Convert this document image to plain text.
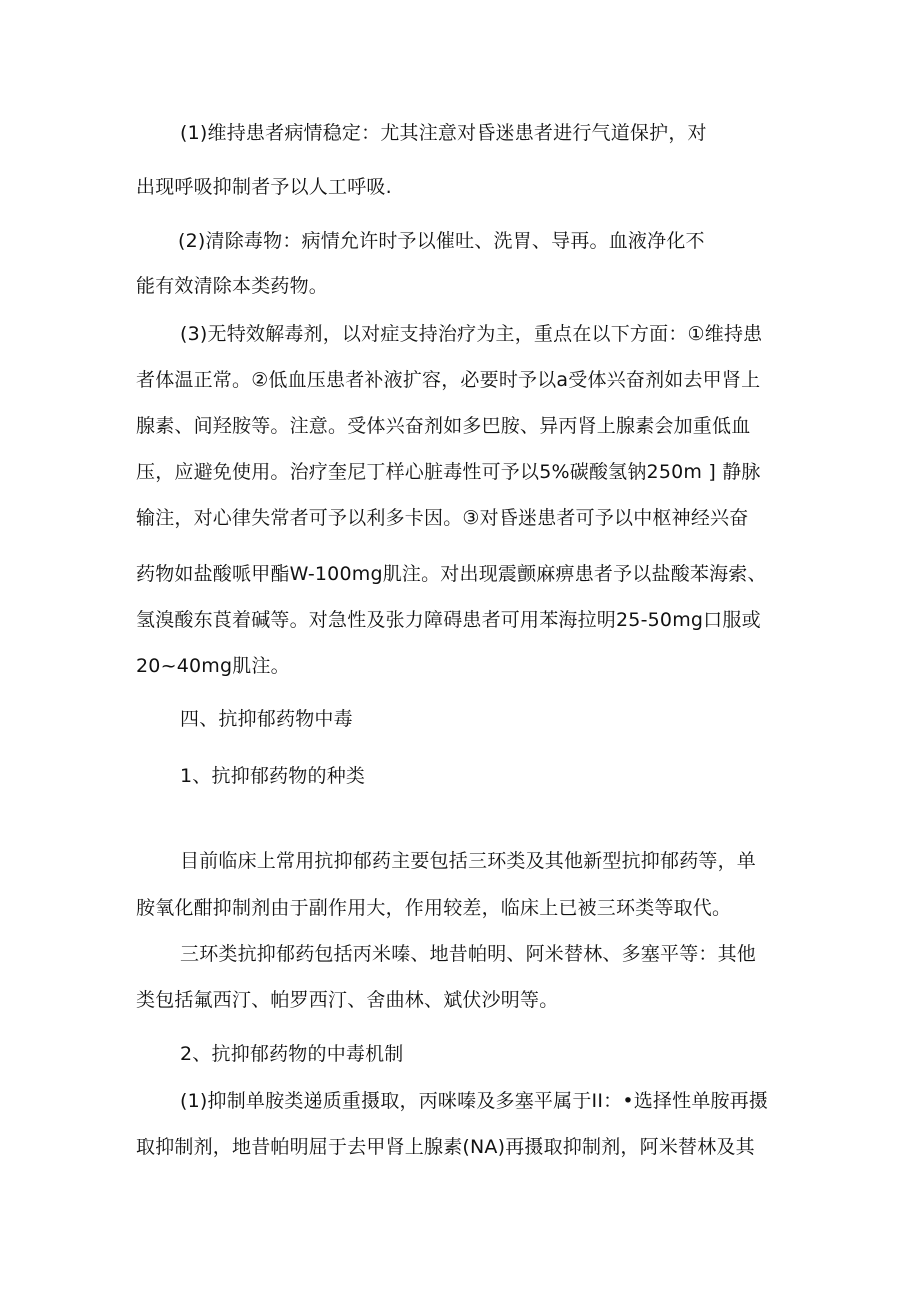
(1)维持患者病情稳定：尤其注意对昏迷患者进行气道保护，对
出现呼吸抑制者予以人工呼吸.
(2)清除毒物：病情允许时予以催吐、洗胃、导再。血液净化不
能有效清除本类药物。
(3)无特效解毒剂，以对症支持治疗为主，重点在以下方面：①维持患
者体温正常。②低血压患者补液扩容，必要时予以a受体兴奋剂如去甲肾上
腺素、间羟胺等。注意。受体兴奋剂如多巴胺、异丙肾上腺素会加重低血
压，应避免使用。治疗奎尼丁样心脏毒性可予以5%碳酸氢钠250m ] 静脉
输注，对心律失常者可予以利多卡因。③对昏迷患者可予以中枢神经兴奋
药物如盐酸哌甲酯W-100mg肌注。对出现震颤麻痹患者予以盐酸苯海索、
氢溴酸东莨着碱等。对急性及张力障碍患者可用苯海拉明25-50mg口服或
20~40mg肌注。
四、抗抑郁药物中毒
1、抗抑郁药物的种类
目前临床上常用抗抑郁药主要包括三环类及其他新型抗抑郁药等，单
胺氧化酣抑制剂由于副作用大，作用较差，临床上已被三环类等取代。
三环类抗抑郁药包括丙米嗪、地昔帕明、阿米替林、多塞平等：其他
类包括氟西汀、帕罗西汀、舍曲林、斌伏沙明等。
2、抗抑郁药物的中毒机制
(1)抑制单胺类递质重摄取，丙咪嗪及多塞平属于II：•选择性单胺再摄
取抑制剂，地昔帕明屈于去甲肾上腺素(NA)再摄取抑制剂，阿米替林及其
